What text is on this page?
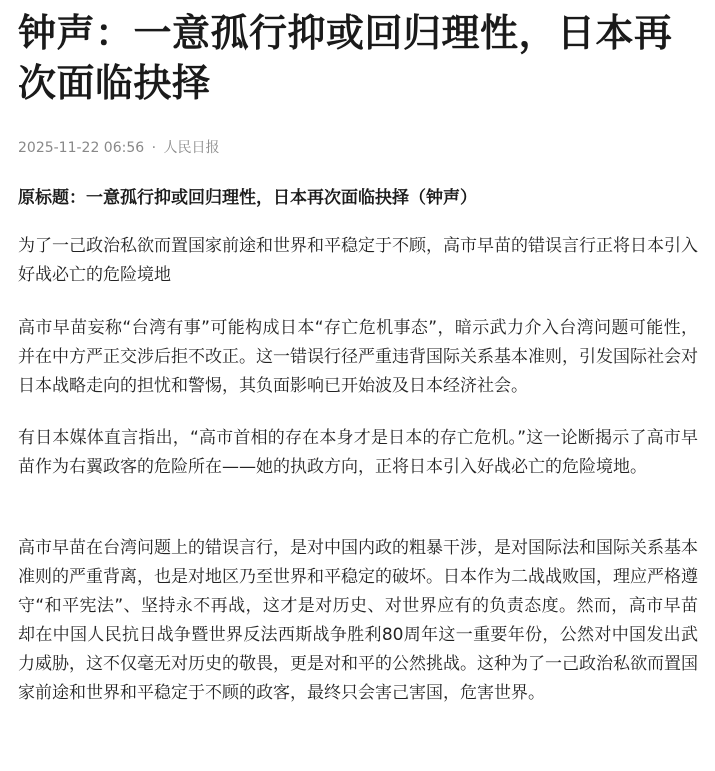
钟声：一意孤行抑或回归理性，日本再次面临抉择
2025-11-22 06:56 · 人民日报
原标题：一意孤行抑或回归理性，日本再次面临抉择（钟声）

为了一己政治私欲而置国家前途和世界和平稳定于不顾，高市早苗的错误言行正将日本引入好战必亡的危险境地

高市早苗妄称“台湾有事”可能构成日本“存亡危机事态”，暗示武力介入台湾问题可能性，并在中方严正交涉后拒不改正。这一错误行径严重违背国际关系基本准则，引发国际社会对日本战略走向的担忧和警惕，其负面影响已开始波及日本经济社会。

有日本媒体直言指出，“高市首相的存在本身才是日本的存亡危机。”这一论断揭示了高市早苗作为右翼政客的危险所在——她的执政方向，正将日本引入好战必亡的危险境地。

高市早苗在台湾问题上的错误言行，是对中国内政的粗暴干涉，是对国际法和国际关系基本准则的严重背离，也是对地区乃至世界和平稳定的破坏。日本作为二战战败国，理应严格遵守“和平宪法”、坚持永不再战，这才是对历史、对世界应有的负责态度。然而，高市早苗却在中国人民抗日战争暨世界反法西斯战争胜利80周年这一重要年份，公然对中国发出武力威胁，这不仅毫无对历史的敬畏，更是对和平的公然挑战。这种为了一己政治私欲而置国家前途和世界和平稳定于不顾的政客，最终只会害己害国，危害世界。
